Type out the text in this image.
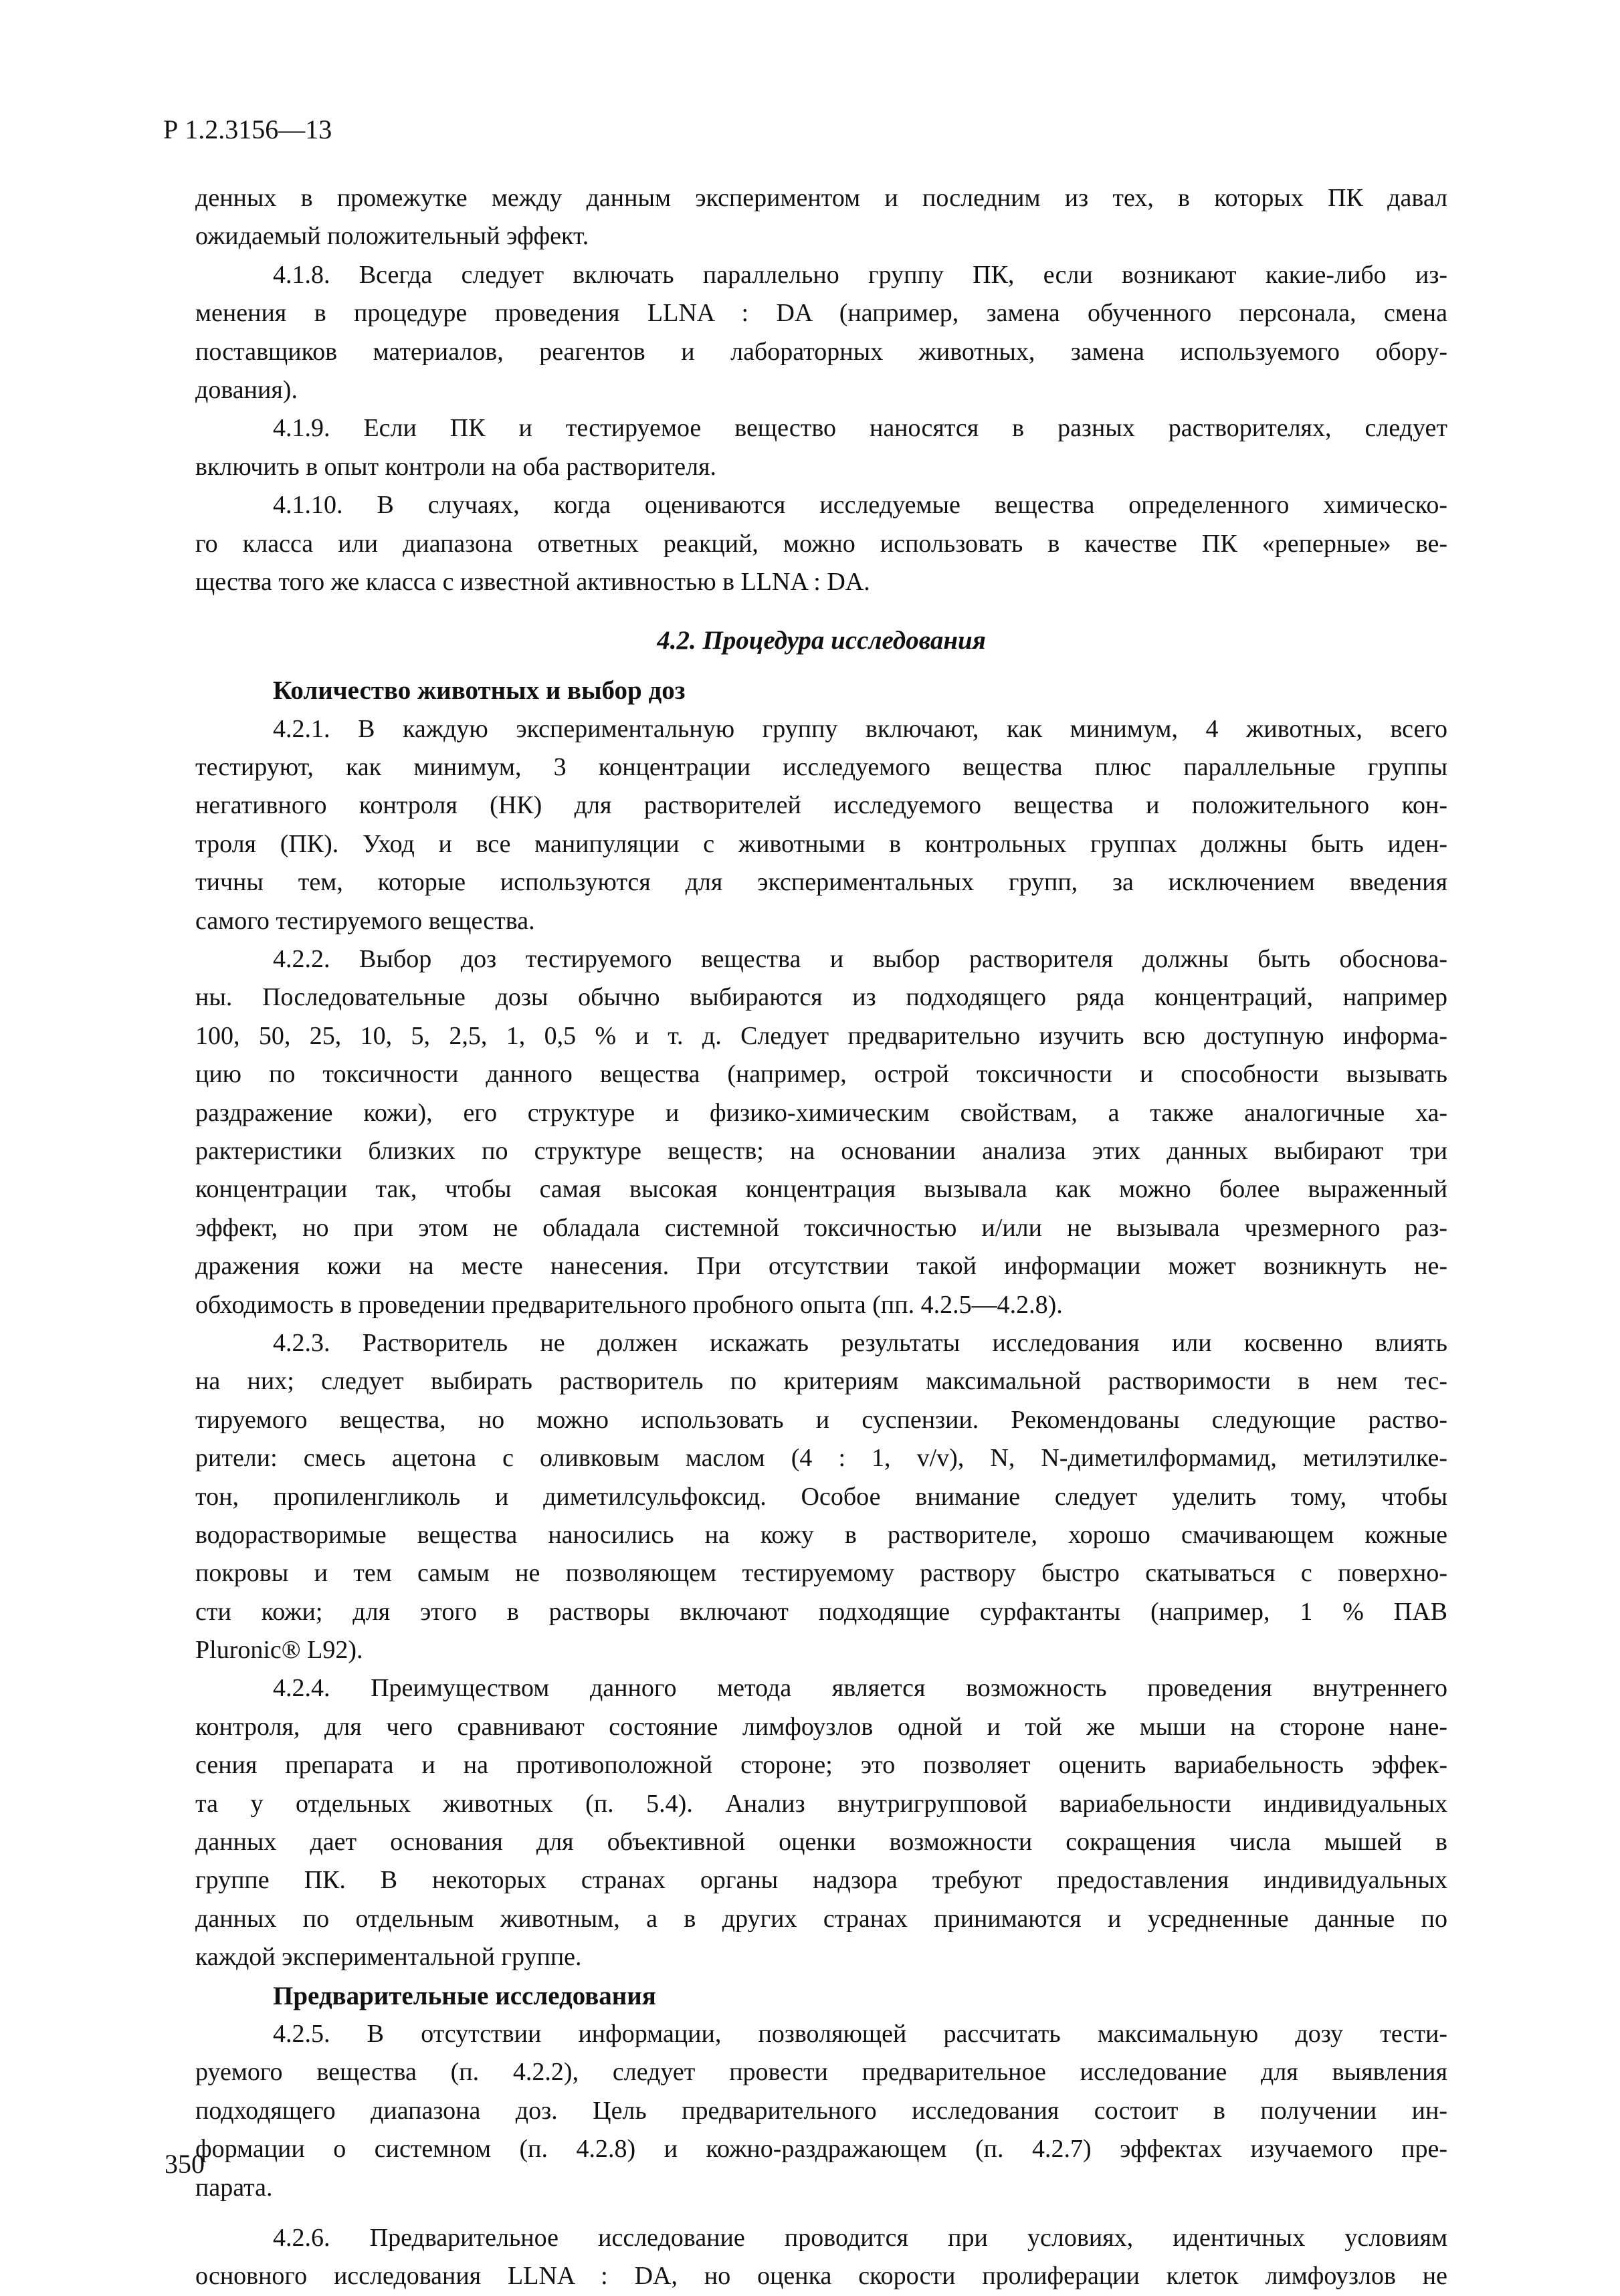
Р 1.2.3156—13
денных в промежутке между данным экспериментом и последним из тех, в которых ПК давал
ожидаемый положительный эффект.
4.1.8. Всегда следует включать параллельно группу ПК, если возникают какие-либо из-
менения в процедуре проведения LLNA : DA (например, замена обученного персонала, смена
поставщиков материалов, реагентов и лабораторных животных, замена используемого обору-
дования).
4.1.9. Если ПК и тестируемое вещество наносятся в разных растворителях, следует
включить в опыт контроли на оба растворителя.
4.1.10. В случаях, когда оцениваются исследуемые вещества определенного химическо-
го класса или диапазона ответных реакций, можно использовать в качестве ПК «реперные» ве-
щества того же класса с известной активностью в LLNA : DA.
4.2. Процедура исследования
Количество животных и выбор доз
4.2.1. В каждую экспериментальную группу включают, как минимум, 4 животных, всего
тестируют, как минимум, 3 концентрации исследуемого вещества плюс параллельные группы
негативного контроля (НК) для растворителей исследуемого вещества и положительного кон-
троля (ПК). Уход и все манипуляции с животными в контрольных группах должны быть иден-
тичны тем, которые используются для экспериментальных групп, за исключением введения
самого тестируемого вещества.
4.2.2. Выбор доз тестируемого вещества и выбор растворителя должны быть обоснова-
ны. Последовательные дозы обычно выбираются из подходящего ряда концентраций, например
100, 50, 25, 10, 5, 2,5, 1, 0,5 % и т. д. Следует предварительно изучить всю доступную информа-
цию по токсичности данного вещества (например, острой токсичности и способности вызывать
раздражение кожи), его структуре и физико-химическим свойствам, а также аналогичные ха-
рактеристики близких по структуре веществ; на основании анализа этих данных выбирают три
концентрации так, чтобы самая высокая концентрация вызывала как можно более выраженный
эффект, но при этом не обладала системной токсичностью и/или не вызывала чрезмерного раз-
дражения кожи на месте нанесения. При отсутствии такой информации может возникнуть не-
обходимость в проведении предварительного пробного опыта (пп. 4.2.5—4.2.8).
4.2.3. Растворитель не должен искажать результаты исследования или косвенно влиять
на них; следует выбирать растворитель по критериям максимальной растворимости в нем тес-
тируемого вещества, но можно использовать и суспензии. Рекомендованы следующие раство-
рители: смесь ацетона с оливковым маслом (4 : 1, v/v), N, N-диметилформамид, метилэтилке-
тон, пропиленгликоль и диметилсульфоксид. Особое внимание следует уделить тому, чтобы
водорастворимые вещества наносились на кожу в растворителе, хорошо смачивающем кожные
покровы и тем самым не позволяющем тестируемому раствору быстро скатываться с поверхно-
сти кожи; для этого в растворы включают подходящие сурфактанты (например, 1 % ПАВ
Pluronic® L92).
4.2.4. Преимуществом данного метода является возможность проведения внутреннего
контроля, для чего сравнивают состояние лимфоузлов одной и той же мыши на стороне нане-
сения препарата и на противоположной стороне; это позволяет оценить вариабельность эффек-
та у отдельных животных (п. 5.4). Анализ внутригрупповой вариабельности индивидуальных
данных дает основания для объективной оценки возможности сокращения числа мышей в
группе ПК. В некоторых странах органы надзора требуют предоставления индивидуальных
данных по отдельным животным, а в других странах принимаются и усредненные данные по
каждой экспериментальной группе.
Предварительные исследования
4.2.5. В отсутствии информации, позволяющей рассчитать максимальную дозу тести-
руемого вещества (п. 4.2.2), следует провести предварительное исследование для выявления
подходящего диапазона доз. Цель предварительного исследования состоит в получении ин-
формации о системном (п. 4.2.8) и кожно-раздражающем (п. 4.2.7) эффектах изучаемого пре-
парата.
4.2.6. Предварительное исследование проводится при условиях, идентичных условиям
основного исследования LLNA : DA, но оценка скорости пролиферации клеток лимфоузлов не
350
